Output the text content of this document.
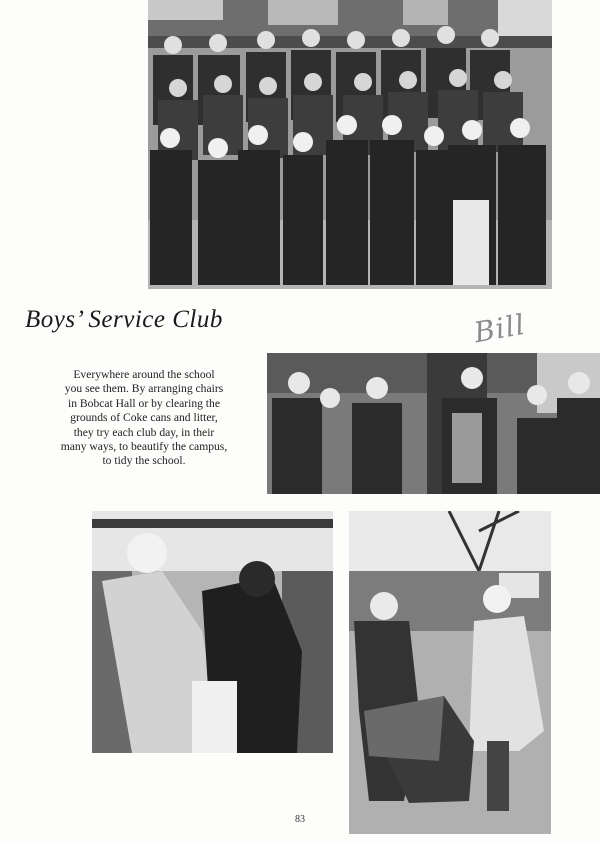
Boys’ Service Club	Bill
Everywhere around the school
you see them. By arranging chairs
in Bobcat Hall or by clearing the
grounds of Coke cans and litter,
they try each club day, in their
many ways, to beautify the campus,
to tidy the school.
83
